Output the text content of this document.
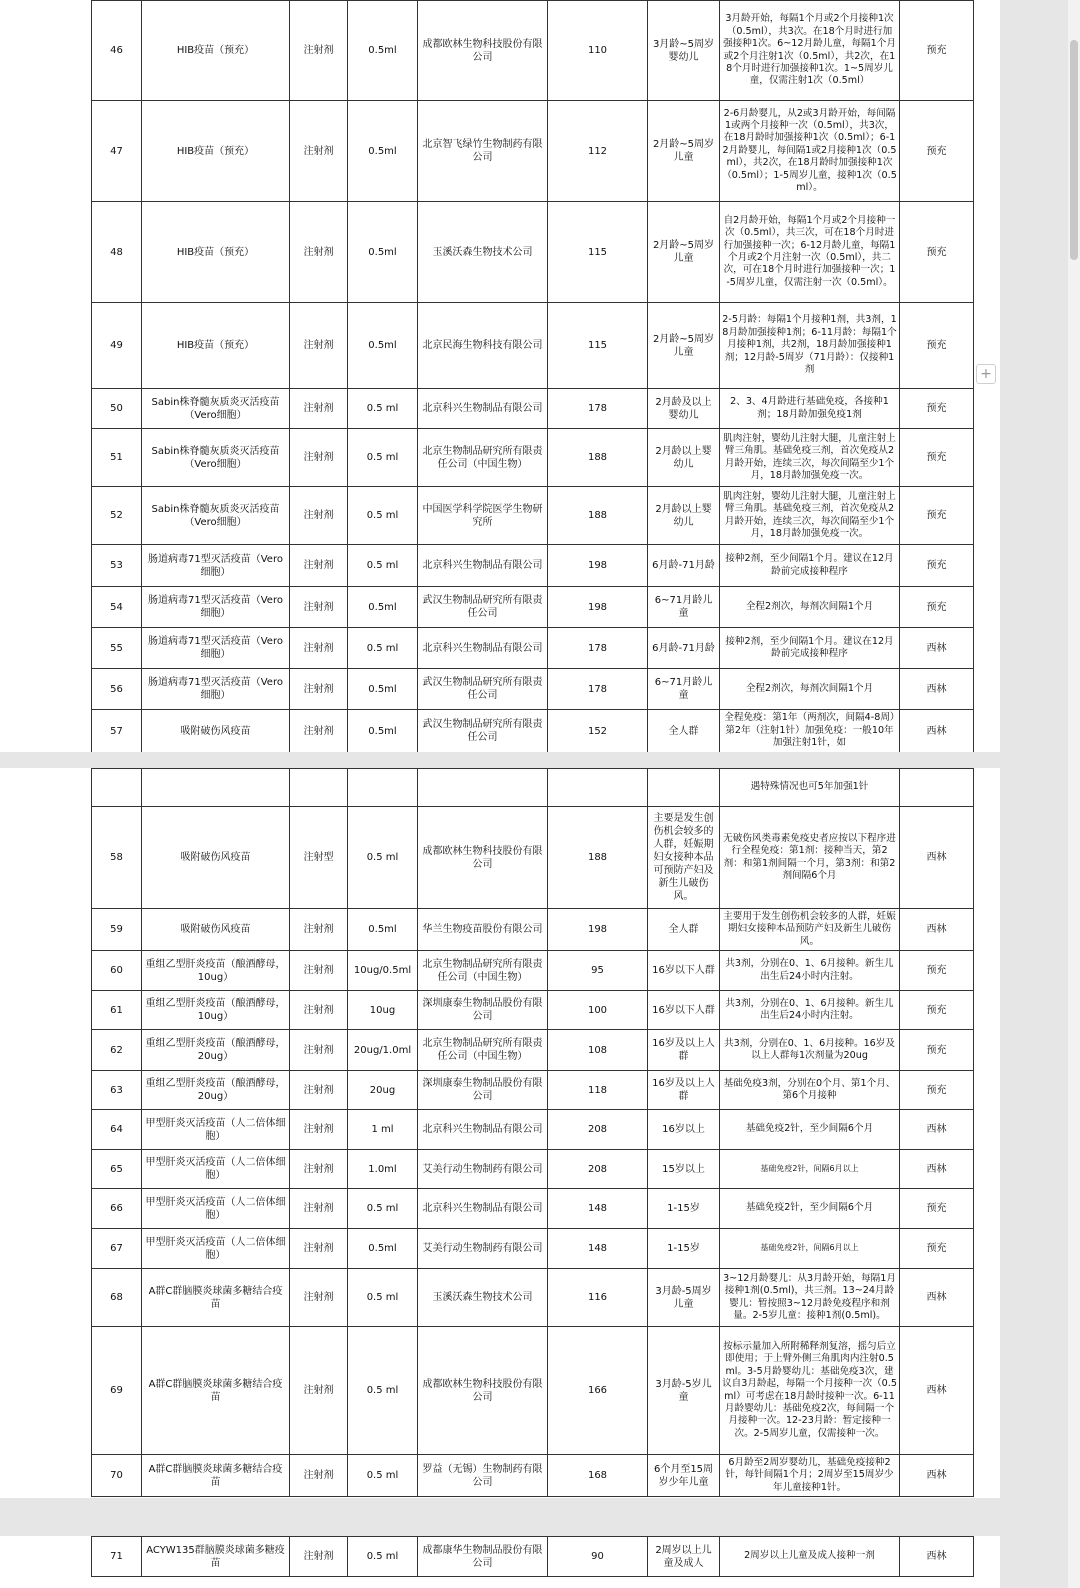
46	HIB疫苗（预充）	注射剂	0.5ml	成都欧林生物科技股份有限公司	110	3月龄~5周岁婴幼儿	3月龄开始，每隔1个月或2个月接种1次（0.5ml），共3次。在18个月时进行加强接种1次。6~12月龄儿童，每隔1个月或2个月注射1次（0.5ml），共2次，在18个月时进行加强接种1次。1~5周岁儿童，仅需注射1次（0.5ml）	预充
47	HIB疫苗（预充）	注射剂	0.5ml	北京智飞绿竹生物制药有限公司	112	2月龄~5周岁儿童	2-6月龄婴儿，从2或3月龄开始，每间隔1或两个月接种一次（0.5ml），共3次，在18月龄时加强接种1次（0.5ml）；6-12月龄婴儿，每间隔1或2月接种1次（0.5ml），共2次，在18月龄时加强接种1次（0.5ml）；1-5周岁儿童，接种1次（0.5ml）。	预充
48	HIB疫苗（预充）	注射剂	0.5ml	玉溪沃森生物技术公司	115	2月龄~5周岁儿童	自2月龄开始，每隔1个月或2个月接种一次（0.5ml），共三次，可在18个月时进行加强接种一次；6-12月龄儿童，每隔1个月或2个月注射一次（0.5ml），共二次，可在18个月时进行加强接种一次；1-5周岁儿童，仅需注射一次（0.5ml）。	预充
49	HIB疫苗（预充）	注射剂	0.5ml	北京民海生物科技有限公司	115	2月龄~5周岁儿童	2-5月龄：每隔1个月接种1剂，共3剂，18月龄加强接种1剂；6-11月龄：每隔1个月接种1剂，共2剂，18月龄加强接种1剂；12月龄-5周岁（71月龄）：仅接种1剂	预充
50	Sabin株脊髓灰质炎灭活疫苗（Vero细胞）	注射剂	0.5 ml	北京科兴生物制品有限公司	178	2月龄及以上婴幼儿	2、3、4月龄进行基础免疫，各接种1剂；18月龄加强免疫1剂	预充
51	Sabin株脊髓灰质炎灭活疫苗（Vero细胞）	注射剂	0.5 ml	北京生物制品研究所有限责任公司（中国生物）	188	2月龄以上婴幼儿	肌肉注射，婴幼儿注射大腿，儿童注射上臂三角肌。基础免疫三剂，首次免疫从2月龄开始，连续三次，每次间隔至少1个月，18月龄加强免疫一次。	预充
52	Sabin株脊髓灰质炎灭活疫苗（Vero细胞）	注射剂	0.5 ml	中国医学科学院医学生物研究所	188	2月龄以上婴幼儿	肌肉注射，婴幼儿注射大腿，儿童注射上臂三角肌。基础免疫三剂，首次免疫从2月龄开始，连续三次，每次间隔至少1个月，18月龄加强免疫一次。	预充
53	肠道病毒71型灭活疫苗（Vero细胞）	注射剂	0.5 ml	北京科兴生物制品有限公司	198	6月龄-71月龄	接种2剂，至少间隔1个月。建议在12月龄前完成接种程序	预充
54	肠道病毒71型灭活疫苗（Vero细胞）	注射剂	0.5ml	武汉生物制品研究所有限责任公司	198	6~71月龄儿童	全程2剂次，每剂次间隔1个月	预充
55	肠道病毒71型灭活疫苗（Vero细胞）	注射剂	0.5 ml	北京科兴生物制品有限公司	178	6月龄-71月龄	接种2剂，至少间隔1个月。建议在12月龄前完成接种程序	西林
56	肠道病毒71型灭活疫苗（Vero细胞）	注射剂	0.5ml	武汉生物制品研究所有限责任公司	178	6~71月龄儿童	全程2剂次，每剂次间隔1个月	西林
57	吸附破伤风疫苗	注射剂	0.5ml	武汉生物制品研究所有限责任公司	152	全人群	全程免疫：第1年（两剂次，间隔4-8周）第2年（注射1针）加强免疫：一般10年加强注射1针，如	西林
							遇特殊情况也可5年加强1针	
58	吸附破伤风疫苗	注射型	0.5 ml	成都欧林生物科技股份有限公司	188	主要是发生创伤机会较多的人群，妊娠期妇女接种本品可预防产妇及新生儿破伤风。	无破伤风类毒素免疫史者应按以下程序进行全程免疫：第1剂：接种当天，第2剂：和第1剂间隔一个月，第3剂：和第2剂间隔6个月	西林
59	吸附破伤风疫苗	注射剂	0.5ml	华兰生物疫苗股份有限公司	198	全人群	主要用于发生创伤机会较多的人群，妊娠期妇女接种本品预防产妇及新生儿破伤风。	西林
60	重组乙型肝炎疫苗（酿酒酵母，10ug）	注射剂	10ug/0.5ml	北京生物制品研究所有限责任公司（中国生物）	95	16岁以下人群	共3剂，分别在0、1、6月接种。新生儿出生后24小时内注射。	预充
61	重组乙型肝炎疫苗（酿酒酵母，10ug）	注射剂	10ug	深圳康泰生物制品股份有限公司	100	16岁以下人群	共3剂，分别在0、1、6月接种。新生儿出生后24小时内注射。	预充
62	重组乙型肝炎疫苗（酿酒酵母，20ug）	注射剂	20ug/1.0ml	北京生物制品研究所有限责任公司（中国生物）	108	16岁及以上人群	共3剂，分别在0、1、6月接种。16岁及以上人群每1次剂量为20ug	预充
63	重组乙型肝炎疫苗（酿酒酵母，20ug）	注射剂	20ug	深圳康泰生物制品股份有限公司	118	16岁及以上人群	基础免疫3剂，分别在0个月、第1个月、第6个月接种	预充
64	甲型肝炎灭活疫苗（人二倍体细胞）	注射剂	1 ml	北京科兴生物制品有限公司	208	16岁以上	基础免疫2针，至少间隔6个月	西林
65	甲型肝炎灭活疫苗（人二倍体细胞）	注射剂	1.0ml	艾美行动生物制药有限公司	208	15岁以上	基础免疫2针，间隔6月以上	西林
66	甲型肝炎灭活疫苗（人二倍体细胞）	注射剂	0.5 ml	北京科兴生物制品有限公司	148	1-15岁	基础免疫2针，至少间隔6个月	预充
67	甲型肝炎灭活疫苗（人二倍体细胞）	注射剂	0.5ml	艾美行动生物制药有限公司	148	1-15岁	基础免疫2针，间隔6月以上	预充
68	A群C群脑膜炎球菌多糖结合疫苗	注射剂	0.5 ml	玉溪沃森生物技术公司	116	3月龄-5周岁儿童	3~12月龄婴儿：从3月龄开始，每隔1月接种1剂(0.5ml)，共三剂。13~24月龄婴儿：暂按照3~12月龄免疫程序和剂量。2-5岁儿童：接种1剂(0.5ml)。	西林
69	A群C群脑膜炎球菌多糖结合疫苗	注射剂	0.5 ml	成都欧林生物科技股份有限公司	166	3月龄-5岁儿童	按标示量加入所附稀释剂复溶，摇匀后立即使用；于上臂外侧三角肌肉内注射0.5ml。3-5月龄婴幼儿：基础免疫3次，建议自3月龄起，每隔一个月接种一次（0.5ml）可考虑在18月龄时接种一次。6-11月龄婴幼儿：基础免疫2次，每间隔一个月接种一次。12-23月龄：暂定接种一次。2-5周岁儿童，仅需接种一次。	西林
70	A群C群脑膜炎球菌多糖结合疫苗	注射剂	0.5 ml	罗益（无锡）生物制药有限公司	168	6个月至15周岁少年儿童	6月龄至2周岁婴幼儿，基础免疫接种2针，每针间隔1个月；2周岁至15周岁少年儿童接种1针。	西林
71	ACYW135群脑膜炎球菌多糖疫苗	注射剂	0.5 ml	成都康华生物制品股份有限公司	90	2周岁以上儿童及成人	2周岁以上儿童及成人接种一剂	西林
+
